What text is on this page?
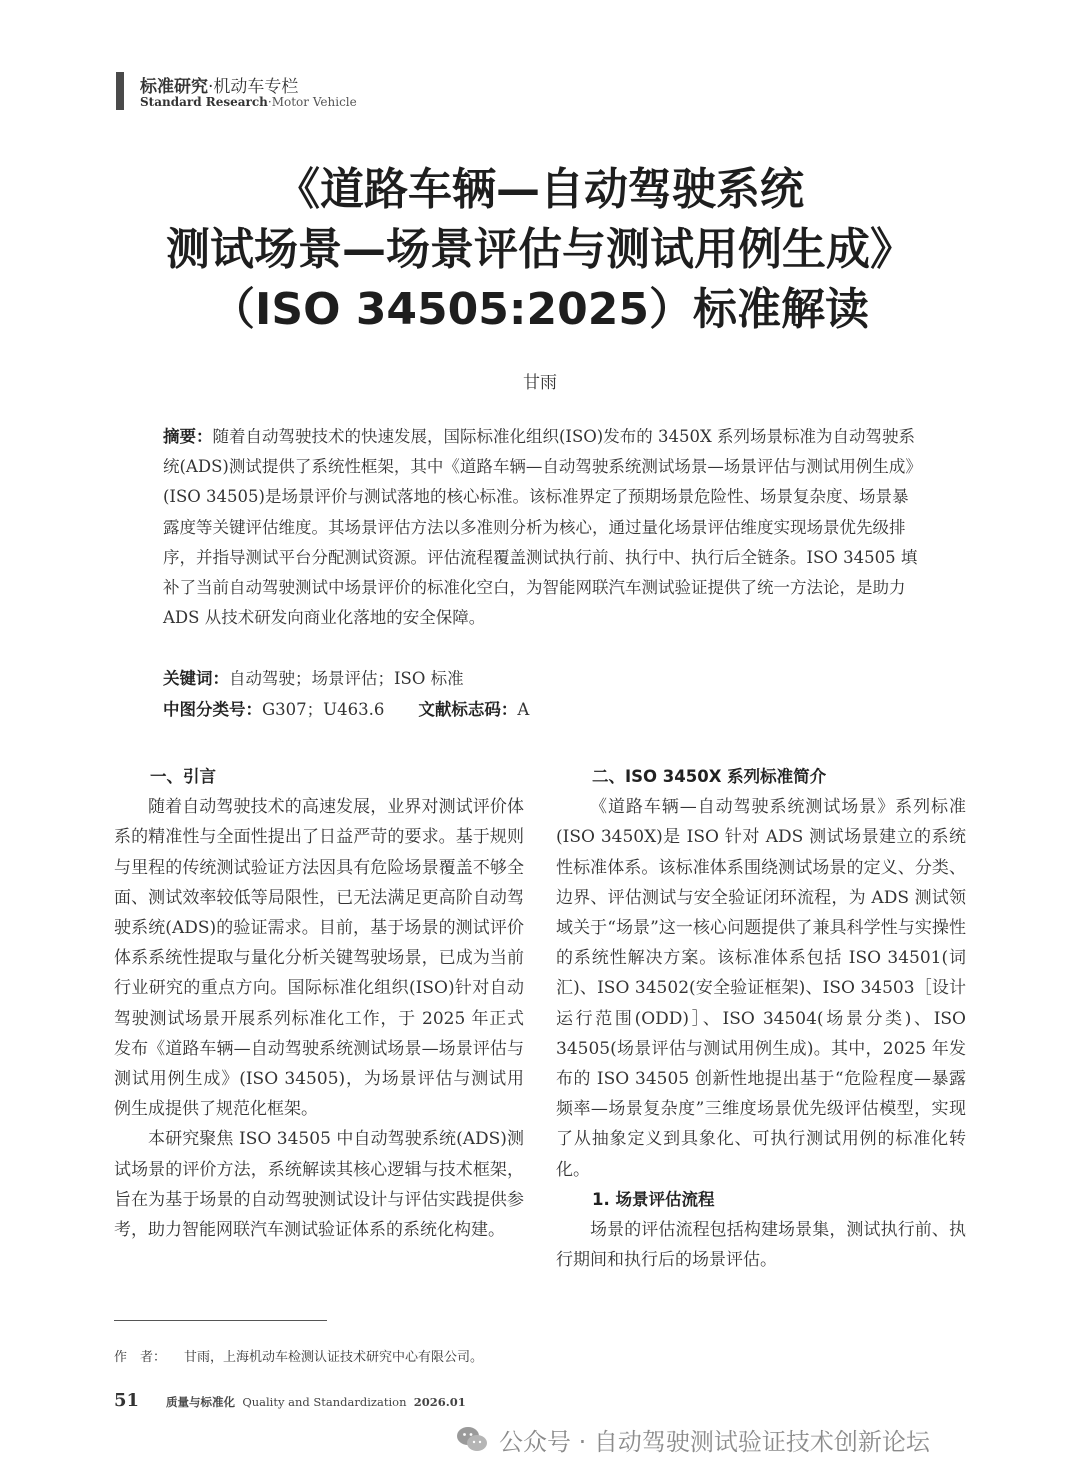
标准研究·机动车专栏
Standard Research·Motor Vehicle
《道路车辆—自动驾驶系统
测试场景—场景评估与测试用例生成》
（ISO 34505:2025）标准解读
甘雨
摘要：随着自动驾驶技术的快速发展，国际标准化组织(ISO)发布的 3450X 系列场景标准为自动驾驶系统(ADS)测试提供了系统性框架，其中《道路车辆—自动驾驶系统测试场景—场景评估与测试用例生成》(ISO 34505)是场景评价与测试落地的核心标准。该标准界定了预期场景危险性、场景复杂度、场景暴露度等关键评估维度。其场景评估方法以多准则分析为核心，通过量化场景评估维度实现场景优先级排序，并指导测试平台分配测试资源。评估流程覆盖测试执行前、执行中、执行后全链条。ISO 34505 填补了当前自动驾驶测试中场景评价的标准化空白，为智能网联汽车测试验证提供了统一方法论，是助力 ADS 从技术研发向商业化落地的安全保障。
关键词：自动驾驶；场景评估；ISO 标准
中图分类号：G307；U463.6 文献标志码：A
一、引言

随着自动驾驶技术的高速发展，业界对测试评价体系的精准性与全面性提出了日益严苛的要求。基于规则与里程的传统测试验证方法因具有危险场景覆盖不够全面、测试效率较低等局限性，已无法满足更高阶自动驾驶系统(ADS)的验证需求。目前，基于场景的测试评价体系系统性提取与量化分析关键驾驶场景，已成为当前行业研究的重点方向。国际标准化组织(ISO)针对自动驾驶测试场景开展系列标准化工作，于 2025 年正式发布《道路车辆—自动驾驶系统测试场景—场景评估与测试用例生成》(ISO 34505)，为场景评估与测试用例生成提供了规范化框架。

本研究聚焦 ISO 34505 中自动驾驶系统(ADS)测试场景的评价方法，系统解读其核心逻辑与技术框架，旨在为基于场景的自动驾驶测试设计与评估实践提供参考，助力智能网联汽车测试验证体系的系统化构建。

二、ISO 3450X 系列标准简介

《道路车辆—自动驾驶系统测试场景》系列标准(ISO 3450X)是 ISO 针对 ADS 测试场景建立的系统性标准体系。该标准体系围绕测试场景的定义、分类、边界、评估测试与安全验证闭环流程，为 ADS 测试领域关于“场景”这一核心问题提供了兼具科学性与实操性的系统性解决方案。该标准体系包括 ISO 34501(词汇)、ISO 34502(安全验证框架)、ISO 34503［设计运行范围(ODD)］、ISO 34504(场景分类)、ISO 34505(场景评估与测试用例生成)。其中，2025 年发布的 ISO 34505 创新性地提出基于“危险程度—暴露频率—场景复杂度”三维度场景优先级评估模型，实现了从抽象定义到具象化、可执行测试用例的标准化转化。

1. 场景评估流程

场景的评估流程包括构建场景集，测试执行前、执行期间和执行后的场景评估。

作　者： 甘雨，上海机动车检测认证技术研究中心有限公司。
51 质量与标准化 Quality and Standardization 2026.01
公众号 · 自动驾驶测试验证技术创新论坛
